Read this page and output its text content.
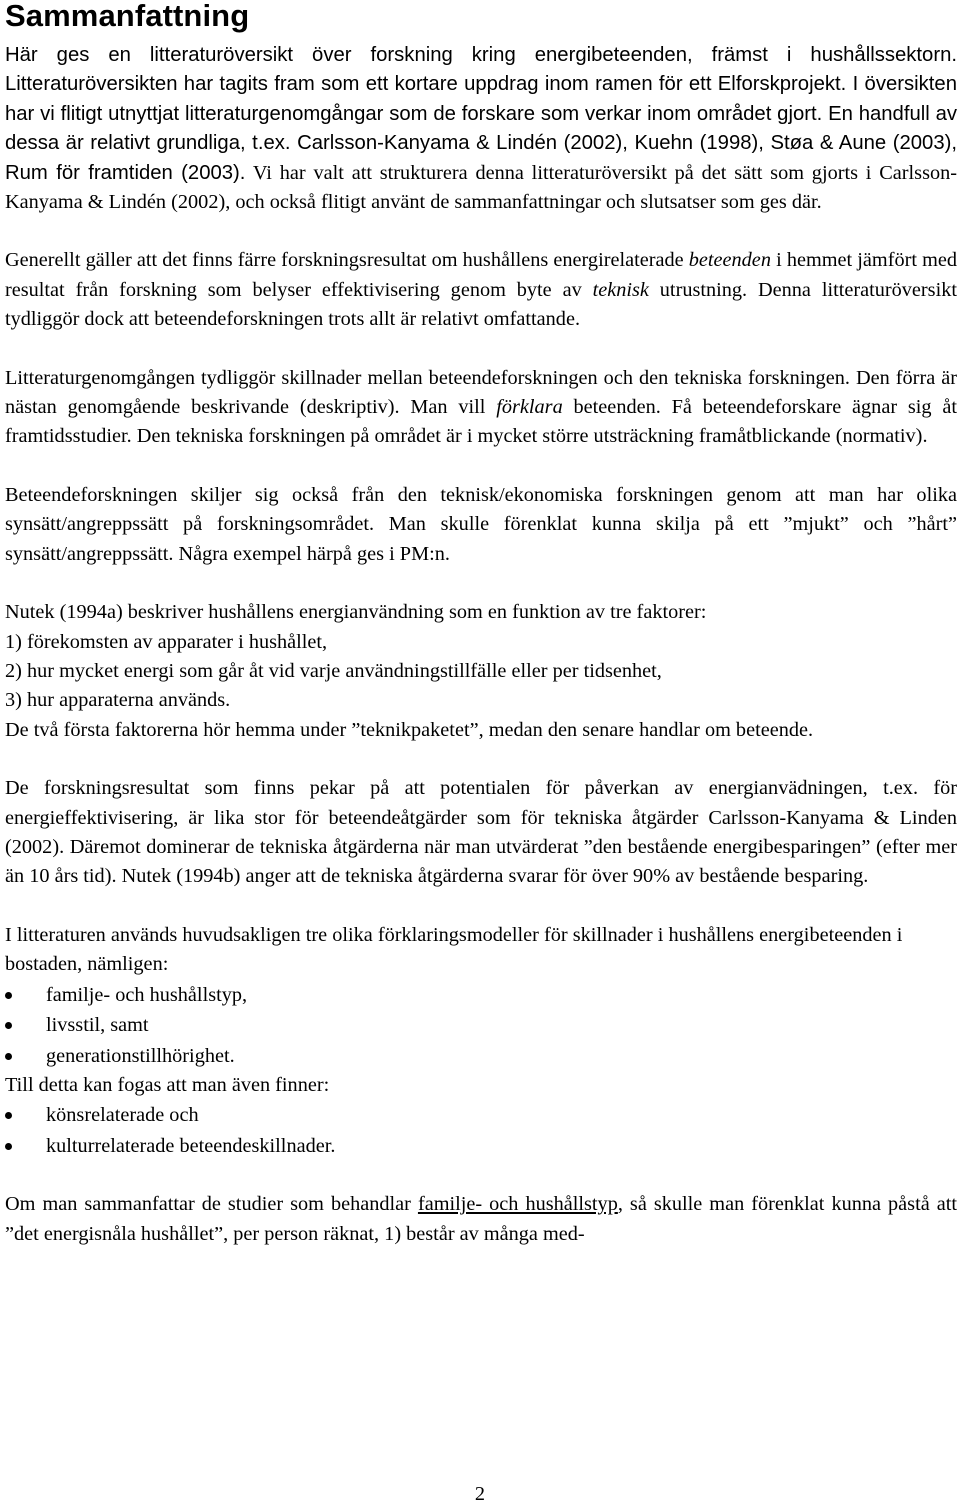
Sammanfattning

Här ges en litteraturöversikt över forskning kring energibeteenden, främst i hushållssektorn. Litteraturöversikten har tagits fram som ett kortare uppdrag inom ramen för ett Elforskprojekt. I översikten har vi flitigt utnyttjat litteraturgenomgångar som de forskare som verkar inom området gjort. En handfull av dessa är relativt grundliga, t.ex. Carlsson-Kanyama & Lindén (2002), Kuehn (1998), Støa & Aune (2003), Rum för framtiden (2003). Vi har valt att strukturera denna litteraturöversikt på det sätt som gjorts i Carlsson-Kanyama & Lindén (2002), och också flitigt använt de sammanfattningar och slutsatser som ges där.

Generellt gäller att det finns färre forskningsresultat om hushållens energirelaterade beteenden i hemmet jämfört med resultat från forskning som belyser effektivisering genom byte av teknisk utrustning. Denna litteraturöversikt tydliggör dock att beteendeforskningen trots allt är relativt omfattande.

Litteraturgenomgången tydliggör skillnader mellan beteendeforskningen och den tekniska forskningen. Den förra är nästan genomgående beskrivande (deskriptiv). Man vill förklara beteenden. Få beteendeforskare ägnar sig åt framtidsstudier. Den tekniska forskningen på området är i mycket större utsträckning framåtblickande (normativ).

Beteendeforskningen skiljer sig också från den teknisk/ekonomiska forskningen genom att man har olika synsätt/angreppssätt på forskningsområdet. Man skulle förenklat kunna skilja på ett ”mjukt” och ”hårt” synsätt/angreppssätt. Några exempel härpå ges i PM:n.

Nutek (1994a) beskriver hushållens energianvändning som en funktion av tre faktorer:
1) förekomsten av apparater i hushållet,
2) hur mycket energi som går åt vid varje användningstillfälle eller per tidsenhet,
3) hur apparaterna används.
De två första faktorerna hör hemma under ”teknikpaketet”, medan den senare handlar om beteende.

De forskningsresultat som finns pekar på att potentialen för påverkan av energianvädningen, t.ex. för energieffektivisering, är lika stor för beteendeåtgärder som för tekniska åtgärder Carlsson-Kanyama & Linden (2002). Däremot dominerar de tekniska åtgärderna när man utvärderat ”den bestående energibesparingen” (efter mer än 10 års tid). Nutek (1994b) anger att de tekniska åtgärderna svarar för över 90% av bestående besparing.

I litteraturen används huvudsakligen tre olika förklaringsmodeller för skillnader i hushållens energibeteenden i bostaden, nämligen:

familje- och hushållstyp,
livsstil, samt
generationstillhörighet.

Till detta kan fogas att man även finner:

könsrelaterade och
kulturrelaterade beteendeskillnader.

Om man sammanfattar de studier som behandlar familje- och hushållstyp, så skulle man förenklat kunna påstå att ”det energisnåla hushållet”, per person räknat, 1) består av många med-

2
